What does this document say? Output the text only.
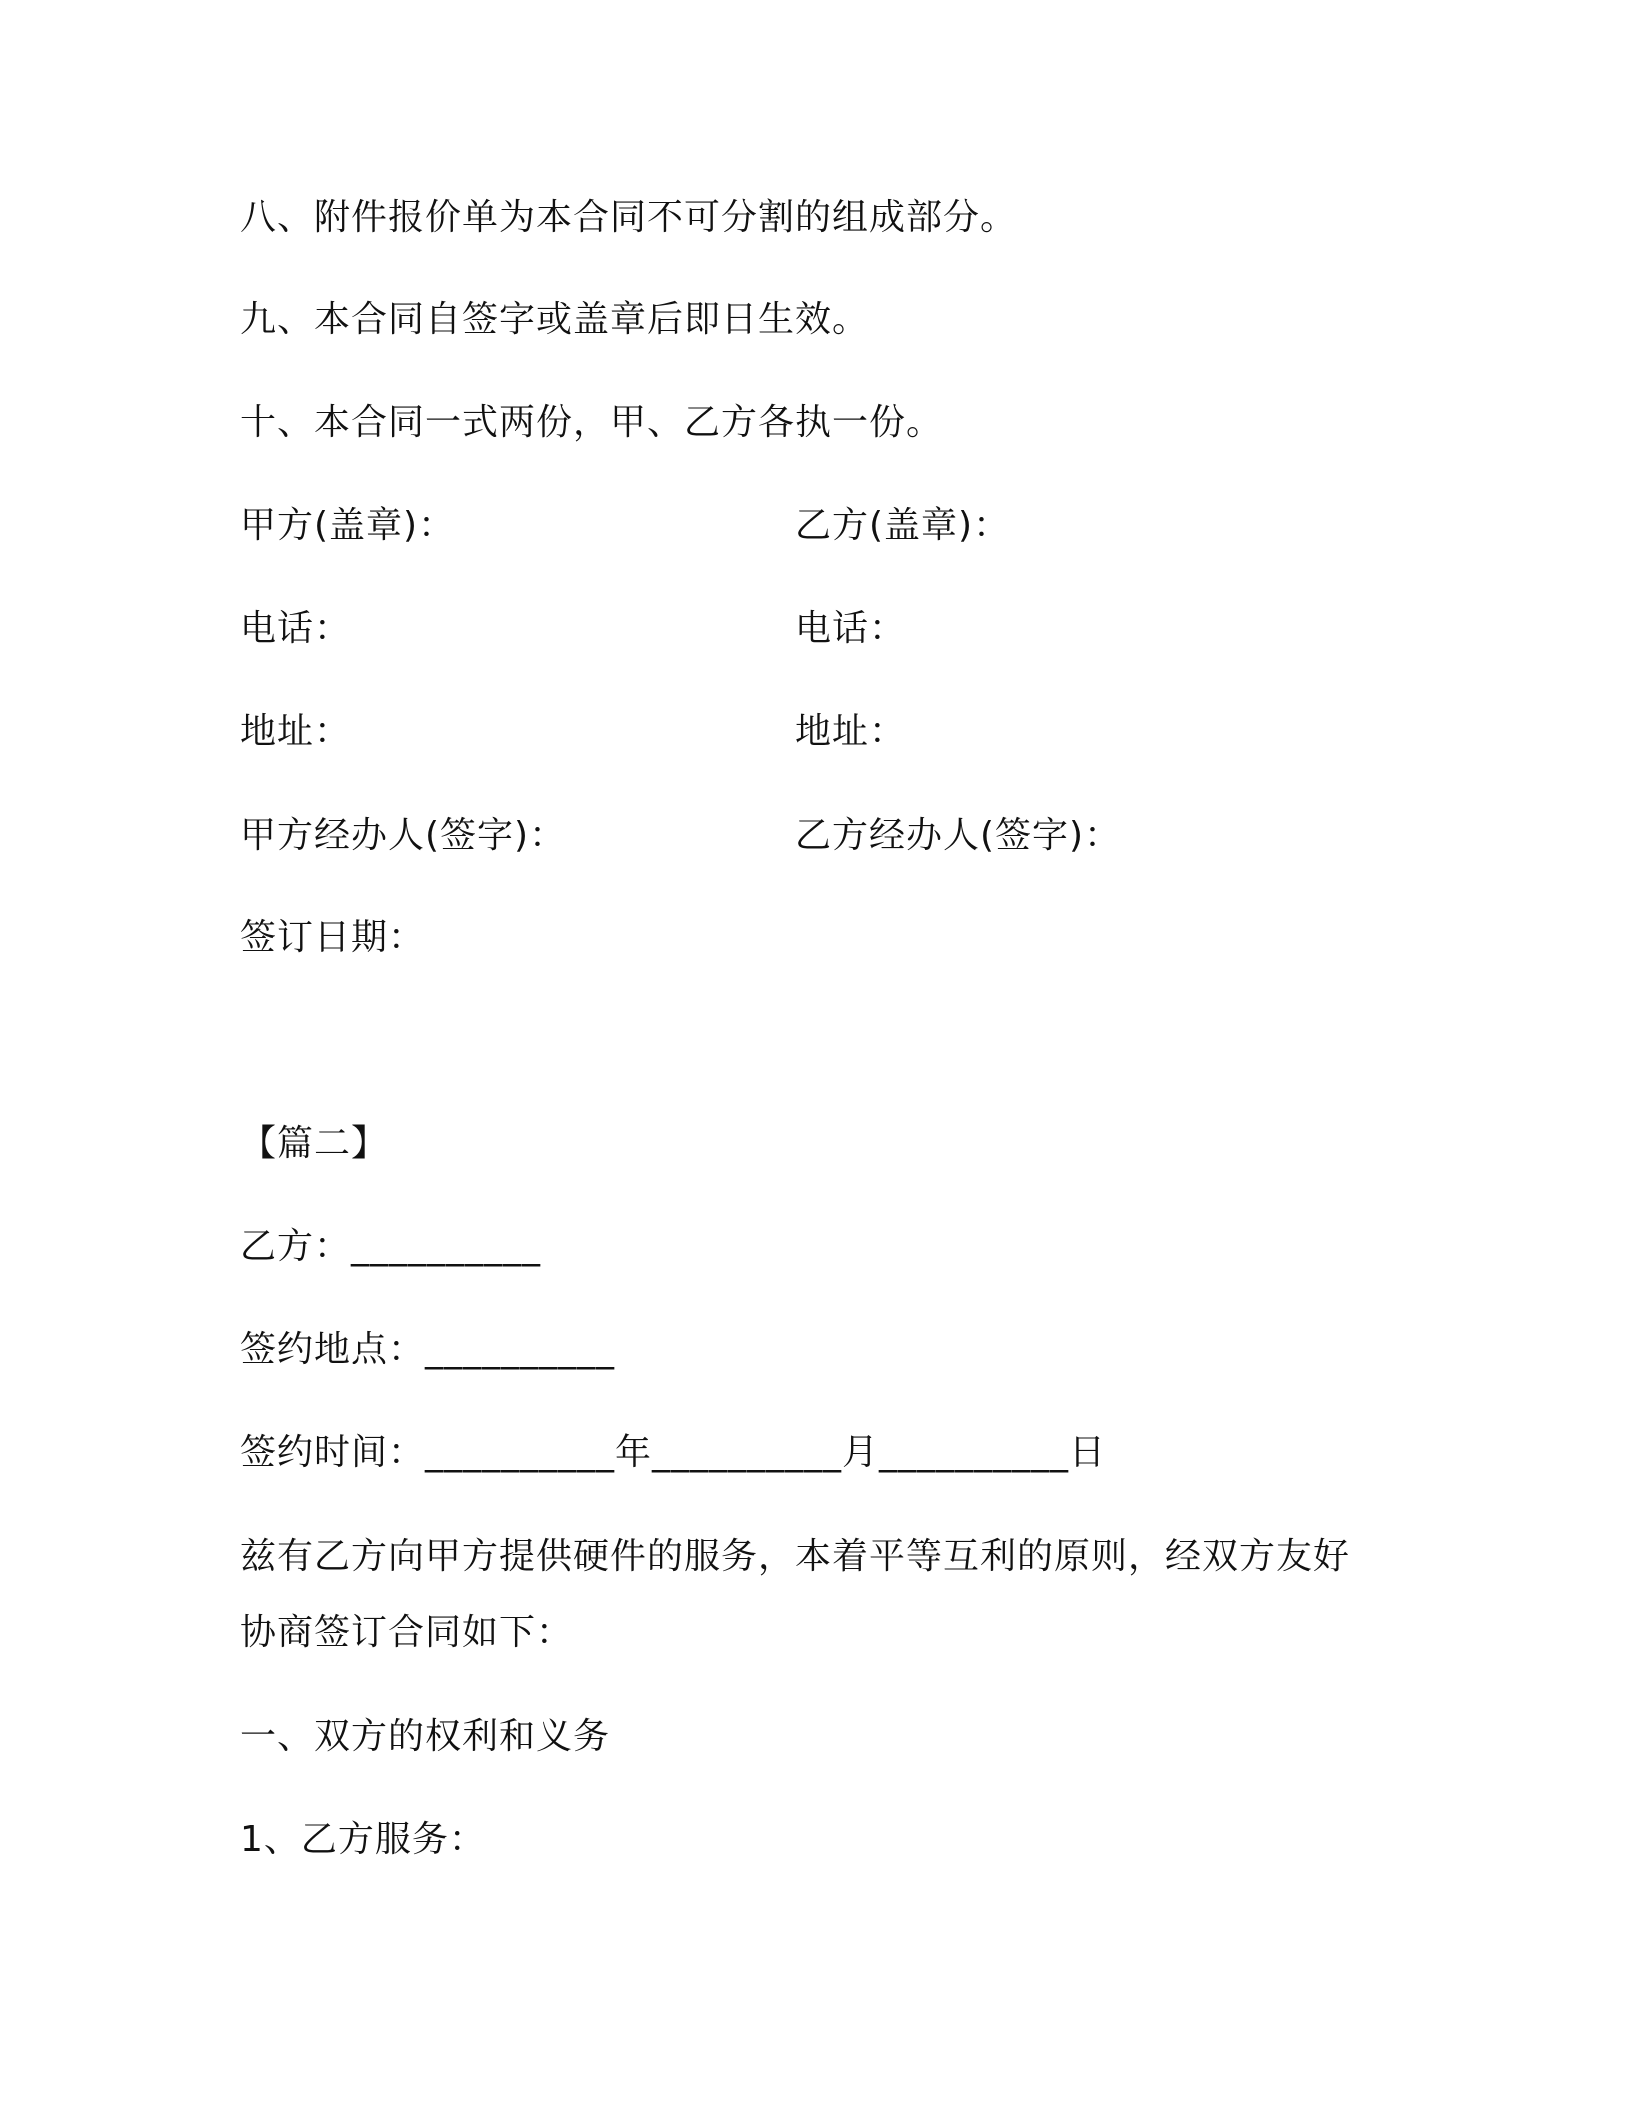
八、附件报价单为本合同不可分割的组成部分。
九、本合同自签字或盖章后即日生效。
十、本合同一式两份，甲、乙方各执一份。
甲方(盖章)：	乙方(盖章)：
电话：	电话：
地址：	地址：
甲方经办人(签字)：	乙方经办人(签字)：
签订日期：
【篇二】
乙方：__________
签约地点：__________
签约时间：__________年__________月__________日
兹有乙方向甲方提供硬件的服务，本着平等互利的原则，经双方友好
协商签订合同如下：
一、双方的权利和义务
1、乙方服务：
